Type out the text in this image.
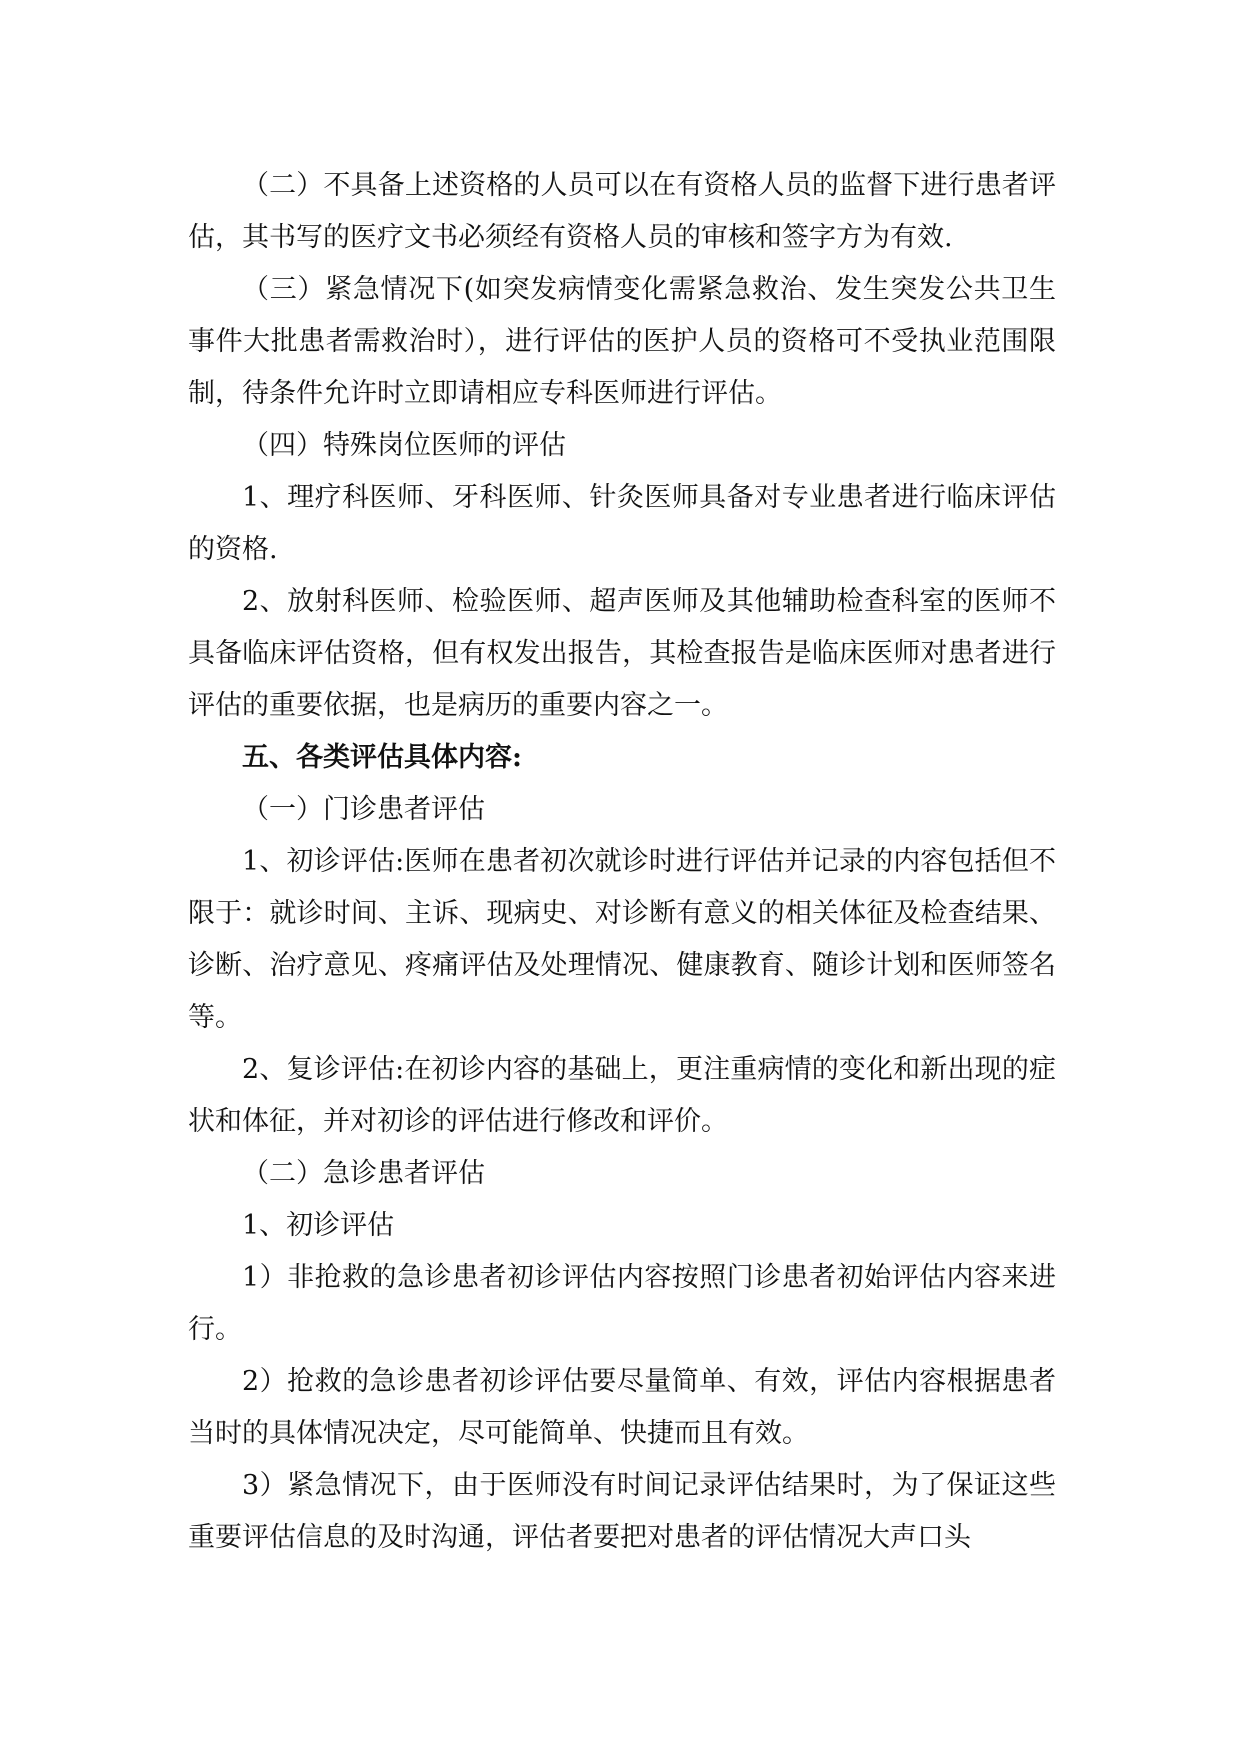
（二）不具备上述资格的人员可以在有资格人员的监督下进行患者评估，其书写的医疗文书必须经有资格人员的审核和签字方为有效.

（三）紧急情况下(如突发病情变化需紧急救治、发生突发公共卫生事件大批患者需救治时），进行评估的医护人员的资格可不受执业范围限制，待条件允许时立即请相应专科医师进行评估。

（四）特殊岗位医师的评估

1、理疗科医师、牙科医师、针灸医师具备对专业患者进行临床评估的资格.

2、放射科医师、检验医师、超声医师及其他辅助检查科室的医师不具备临床评估资格，但有权发出报告，其检查报告是临床医师对患者进行评估的重要依据，也是病历的重要内容之一。

五、各类评估具体内容:

（一）门诊患者评估

1、初诊评估:医师在患者初次就诊时进行评估并记录的内容包括但不限于：就诊时间、主诉、现病史、对诊断有意义的相关体征及检查结果、诊断、治疗意见、疼痛评估及处理情况、健康教育、随诊计划和医师签名等。

2、复诊评估:在初诊内容的基础上，更注重病情的变化和新出现的症状和体征，并对初诊的评估进行修改和评价。

（二）急诊患者评估

1、初诊评估

1）非抢救的急诊患者初诊评估内容按照门诊患者初始评估内容来进行。

2）抢救的急诊患者初诊评估要尽量简单、有效，评估内容根据患者当时的具体情况决定，尽可能简单、快捷而且有效。

3）紧急情况下，由于医师没有时间记录评估结果时，为了保证这些重要评估信息的及时沟通，评估者要把对患者的评估情况大声口头
